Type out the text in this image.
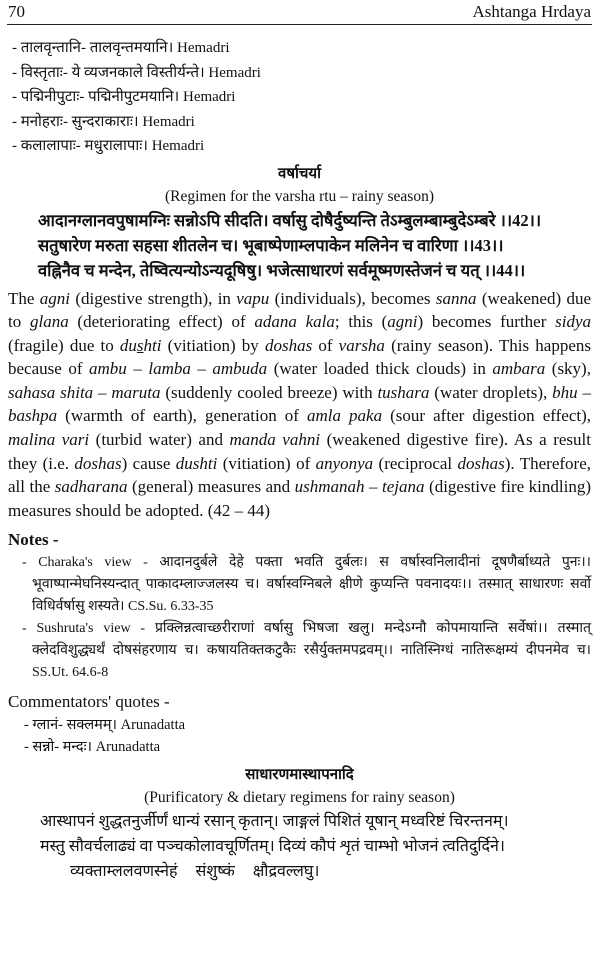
70	Ashtanga Hrdaya
- तालवृन्तानि- तालवृन्तमयानि। Hemadri
- विस्तृताः- ये व्यजनकाले विस्तीर्यन्ते। Hemadri
- पद्मिनीपुटाः- पद्मिनीपुटमयानि। Hemadri
- मनोहराः- सुन्दराकाराः। Hemadri
- कलालापाः- मधुरालापाः। Hemadri
वर्षाचर्या
(Regimen for the varsha rtu – rainy season)
आदानग्लानवपुषामग्निः सन्नोऽपि सीदति। वर्षासु दोषैर्दुष्यन्ति तेऽम्बुलम्बाम्बुदेऽम्बरे ।।42।।
सतुषारेण मरुता सहसा शीतलेन च। भूबाष्पेणाम्लपाकेन मलिनेन च वारिणा ।।43।।
वह्निनैव च मन्देन, तेष्वित्यन्योऽन्यदूषिषु। भजेत्साधारणं सर्वमूष्मणस्तेजनं च यत् ।।44।।
The agni (digestive strength), in vapu (individuals), becomes sanna (weakened) due to glana (deteriorating effect) of adana kala; this (agni) becomes further sidya (fragile) due to dushti (vitiation) by doshas of varsha (rainy season). This happens because of ambu – lamba – ambuda (water loaded thick clouds) in ambara (sky), sahasa shita – maruta (suddenly cooled breeze) with tushara (water droplets), bhu – bashpa (warmth of earth), generation of amla paka (sour after digestion effect), malina vari (turbid water) and manda vahni (weakened digestive fire). As a result they (i.e. doshas) cause dushti (vitiation) of anyonya (reciprocal doshas). Therefore, all the sadharana (general) measures and ushmanah – tejana (digestive fire kindling) measures should be adopted. (42 – 44)
Notes -
- Charaka's view - आदानदुर्बले देहे पक्ता भवति दुर्बलः। स वर्षास्वनिलादीनां दूषणैर्बाध्यते पुनः।। भूवाष्पान्मेघनिस्यन्दात् पाकादम्लाज्जलस्य च। वर्षास्वग्निबले क्षीणे कुप्यन्ति पवनादयः।। तस्मात् साधारणः सर्वो विधिर्वर्षासु शस्यते। CS.Su. 6.33-35
- Sushruta's view - प्रक्लिन्नत्वाच्छरीराणां वर्षासु भिषजा खलु। मन्देऽग्नौ कोपमायान्ति सर्वेषां।। तस्मात् क्लेदविशुद्ध्यर्थं दोषसंहरणाय च। कषायतिक्तकटुकैः रसैर्युक्तमपद्रवम्।। नातिस्निग्धं नातिरूक्षम्यं दीपनमेव च। SS.Ut. 64.6-8
Commentators' quotes -
- ग्लानं- सक्लमम्। Arunadatta
- सन्नो- मन्दः। Arunadatta
साधारणमास्थापनादि
(Purificatory & dietary regimens for rainy season)
आस्थापनं शुद्धतनुर्जीर्णं धान्यं रसान् कृतान्। जाङ्गलं पिशितं यूषान् मध्वरिष्टं चिरन्तनम्।
मस्तु सौवर्चलाढ्यं वा पञ्चकोलावचूर्णितम्। दिव्यं कौपं शृतं चाम्भो भोजनं त्वतिदुर्दिने।
व्यक्ताम्ललवणस्नेहं संशुष्कं क्षौद्रवल्लघु।
